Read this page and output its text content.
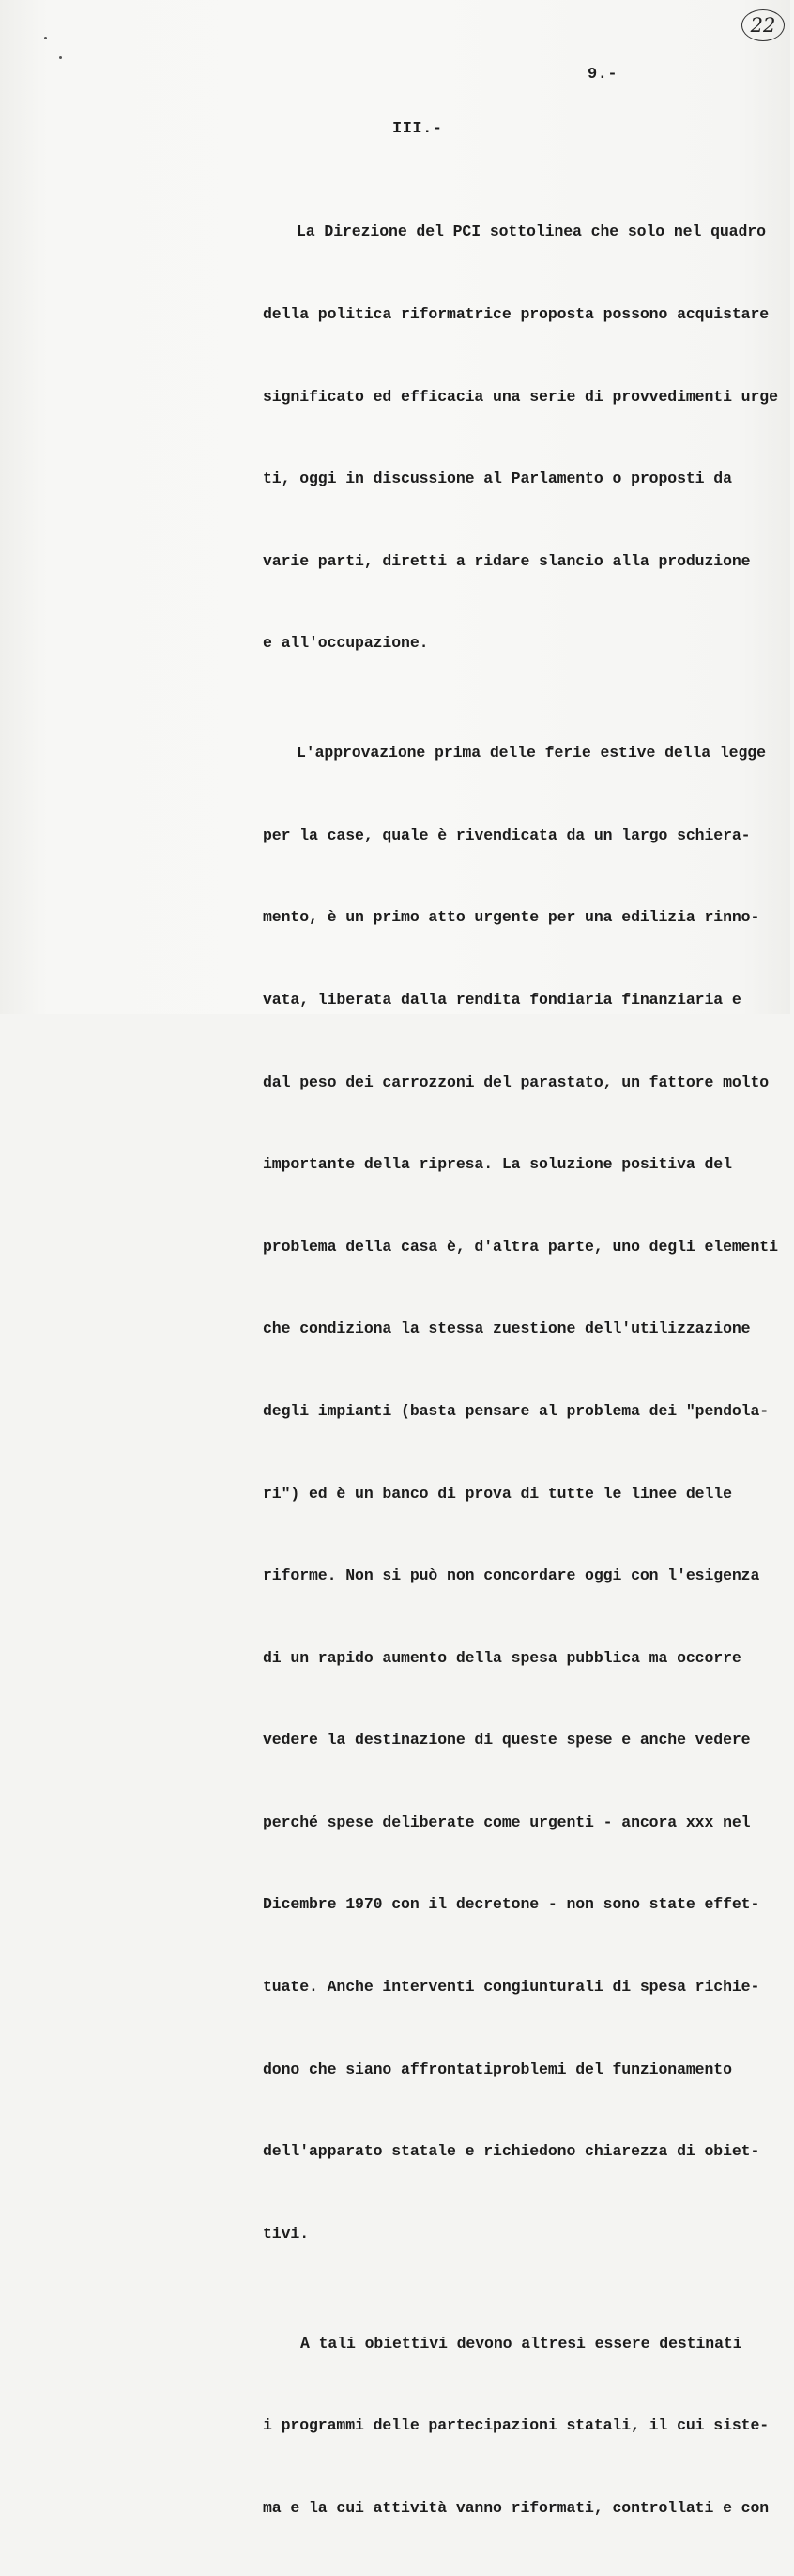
22
9.-
III.-

La Direzione del PCI sottolinea che solo nel quadro

della politica riformatrice proposta possono acquistare

significato ed efficacia una serie di provvedimenti urge

ti, oggi in discussione al Parlamento o proposti da

varie parti, diretti a ridare slancio alla produzione

e all'occupazione.

L'approvazione prima delle ferie estive della legge

per la case, quale è rivendicata da un largo schiera-

mento, è un primo atto urgente per una edilizia rinno-

vata, liberata dalla rendita fondiaria finanziaria e

dal peso dei carrozzoni del parastato, un fattore molto

importante della ripresa. La soluzione positiva del

problema della casa è, d'altra parte, uno degli elementi

che condiziona la stessa zuestione dell'utilizzazione

degli impianti (basta pensare al problema dei "pendola-

ri") ed è un banco di prova di tutte le linee delle

riforme. Non si può non concordare oggi con l'esigenza

di un rapido aumento della spesa pubblica ma occorre

vedere la destinazione di queste spese e anche vedere

perché spese deliberate come urgenti - ancora xxx nel

Dicembre 1970 con il decretone - non sono state effet-

tuate. Anche interventi congiunturali di spesa richie-

dono che siano affrontatiproblemi del funzionamento

dell'apparato statale e richiedono chiarezza di obiet-

tivi.

A tali obiettivi devono altresì essere destinati

i programmi delle partecipazioni statali, il cui siste-

ma e la cui attività vanno riformati, controllati e con
